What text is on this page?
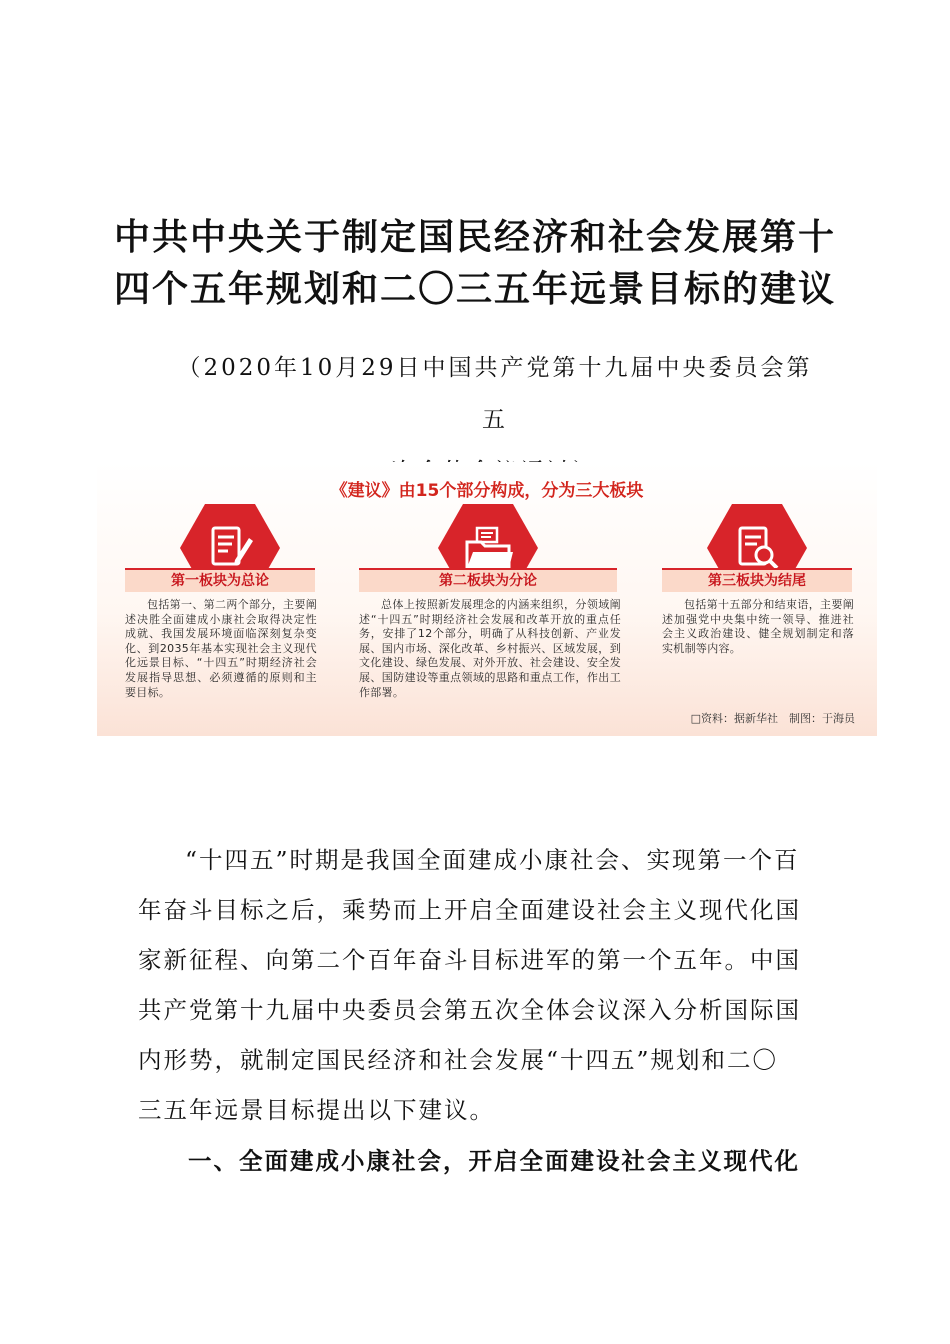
中共中央关于制定国民经济和社会发展第十
四个五年规划和二〇三五年远景目标的建议
（2020年10月29日中国共产党第十九届中央委员会第五
《建议》由15个部分构成，分为三大板块
第一板块为总论
包括第一、第二两个部分，主要阐述决胜全面建成小康社会取得决定性成就、我国发展环境面临深刻复杂变化、到2035年基本实现社会主义现代化远景目标、“十四五”时期经济社会发展指导思想、必须遵循的原则和主要目标。
第二板块为分论
总体上按照新发展理念的内涵来组织，分领域阐述“十四五”时期经济社会发展和改革开放的重点任务，安排了12个部分，明确了从科技创新、产业发展、国内市场、深化改革、乡村振兴、区域发展，到文化建设、绿色发展、对外开放、社会建设、安全发展、国防建设等重点领域的思路和重点工作，作出工作部署。
第三板块为结尾
包括第十五部分和结束语，主要阐述加强党中央集中统一领导、推进社会主义政治建设、健全规划制定和落实机制等内容。
□资料：据新华社　制图：于海员
“十四五”时期是我国全面建成小康社会、实现第一个百
年奋斗目标之后，乘势而上开启全面建设社会主义现代化国
家新征程、向第二个百年奋斗目标进军的第一个五年。中国
共产党第十九届中央委员会第五次全体会议深入分析国际国
内形势，就制定国民经济和社会发展“十四五”规划和二〇
三五年远景目标提出以下建议。
一、全面建成小康社会，开启全面建设社会主义现代化
